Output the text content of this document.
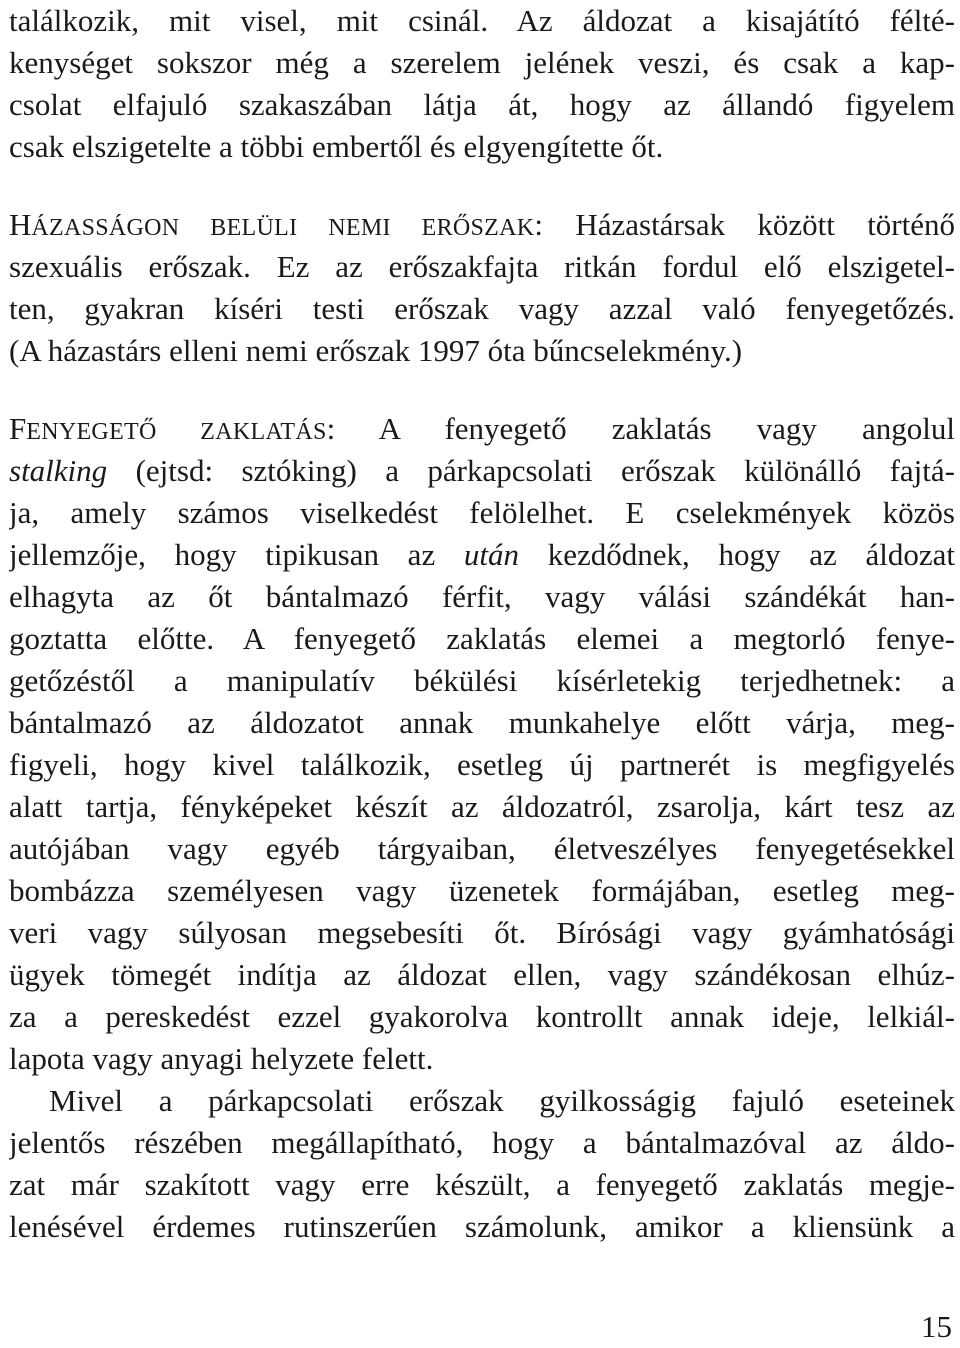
találkozik, mit visel, mit csinál. Az áldozat a kisajátító félté-
kenységet sokszor még a szerelem jelének veszi, és csak a kap-
csolat elfajuló szakaszában látja át, hogy az állandó figyelem
csak elszigetelte a többi embertől és elgyengítette őt.
HÁZASSÁGON BELÜLI NEMI ERŐSZAK: Házastársak között történő
szexuális erőszak. Ez az erőszakfajta ritkán fordul elő elszigetel-
ten, gyakran kíséri testi erőszak vagy azzal való fenyegetőzés.
(A házastárs elleni nemi erőszak 1997 óta bűncselekmény.)
FENYEGETŐ ZAKLATÁS: A fenyegető zaklatás vagy angolul
stalking (ejtsd: sztóking) a párkapcsolati erőszak különálló fajtá-
ja, amely számos viselkedést felölelhet. E cselekmények közös
jellemzője, hogy tipikusan az után kezdődnek, hogy az áldozat
elhagyta az őt bántalmazó férfit, vagy válási szándékát han-
goztatta előtte. A fenyegető zaklatás elemei a megtorló fenye-
getőzéstől a manipulatív békülési kísérletekig terjedhetnek: a
bántalmazó az áldozatot annak munkahelye előtt várja, meg-
figyeli, hogy kivel találkozik, esetleg új partnerét is megfigyelés
alatt tartja, fényképeket készít az áldozatról, zsarolja, kárt tesz az
autójában vagy egyéb tárgyaiban, életveszélyes fenyegetésekkel
bombázza személyesen vagy üzenetek formájában, esetleg meg-
veri vagy súlyosan megsebesíti őt. Bírósági vagy gyámhatósági
ügyek tömegét indítja az áldozat ellen, vagy szándékosan elhúz-
za a pereskedést ezzel gyakorolva kontrollt annak ideje, lelkiál-
lapota vagy anyagi helyzete felett.
Mivel a párkapcsolati erőszak gyilkosságig fajuló eseteinek
jelentős részében megállapítható, hogy a bántalmazóval az áldo-
zat már szakított vagy erre készült, a fenyegető zaklatás megje-
lenésével érdemes rutinszerűen számolunk, amikor a kliensünk a
15
